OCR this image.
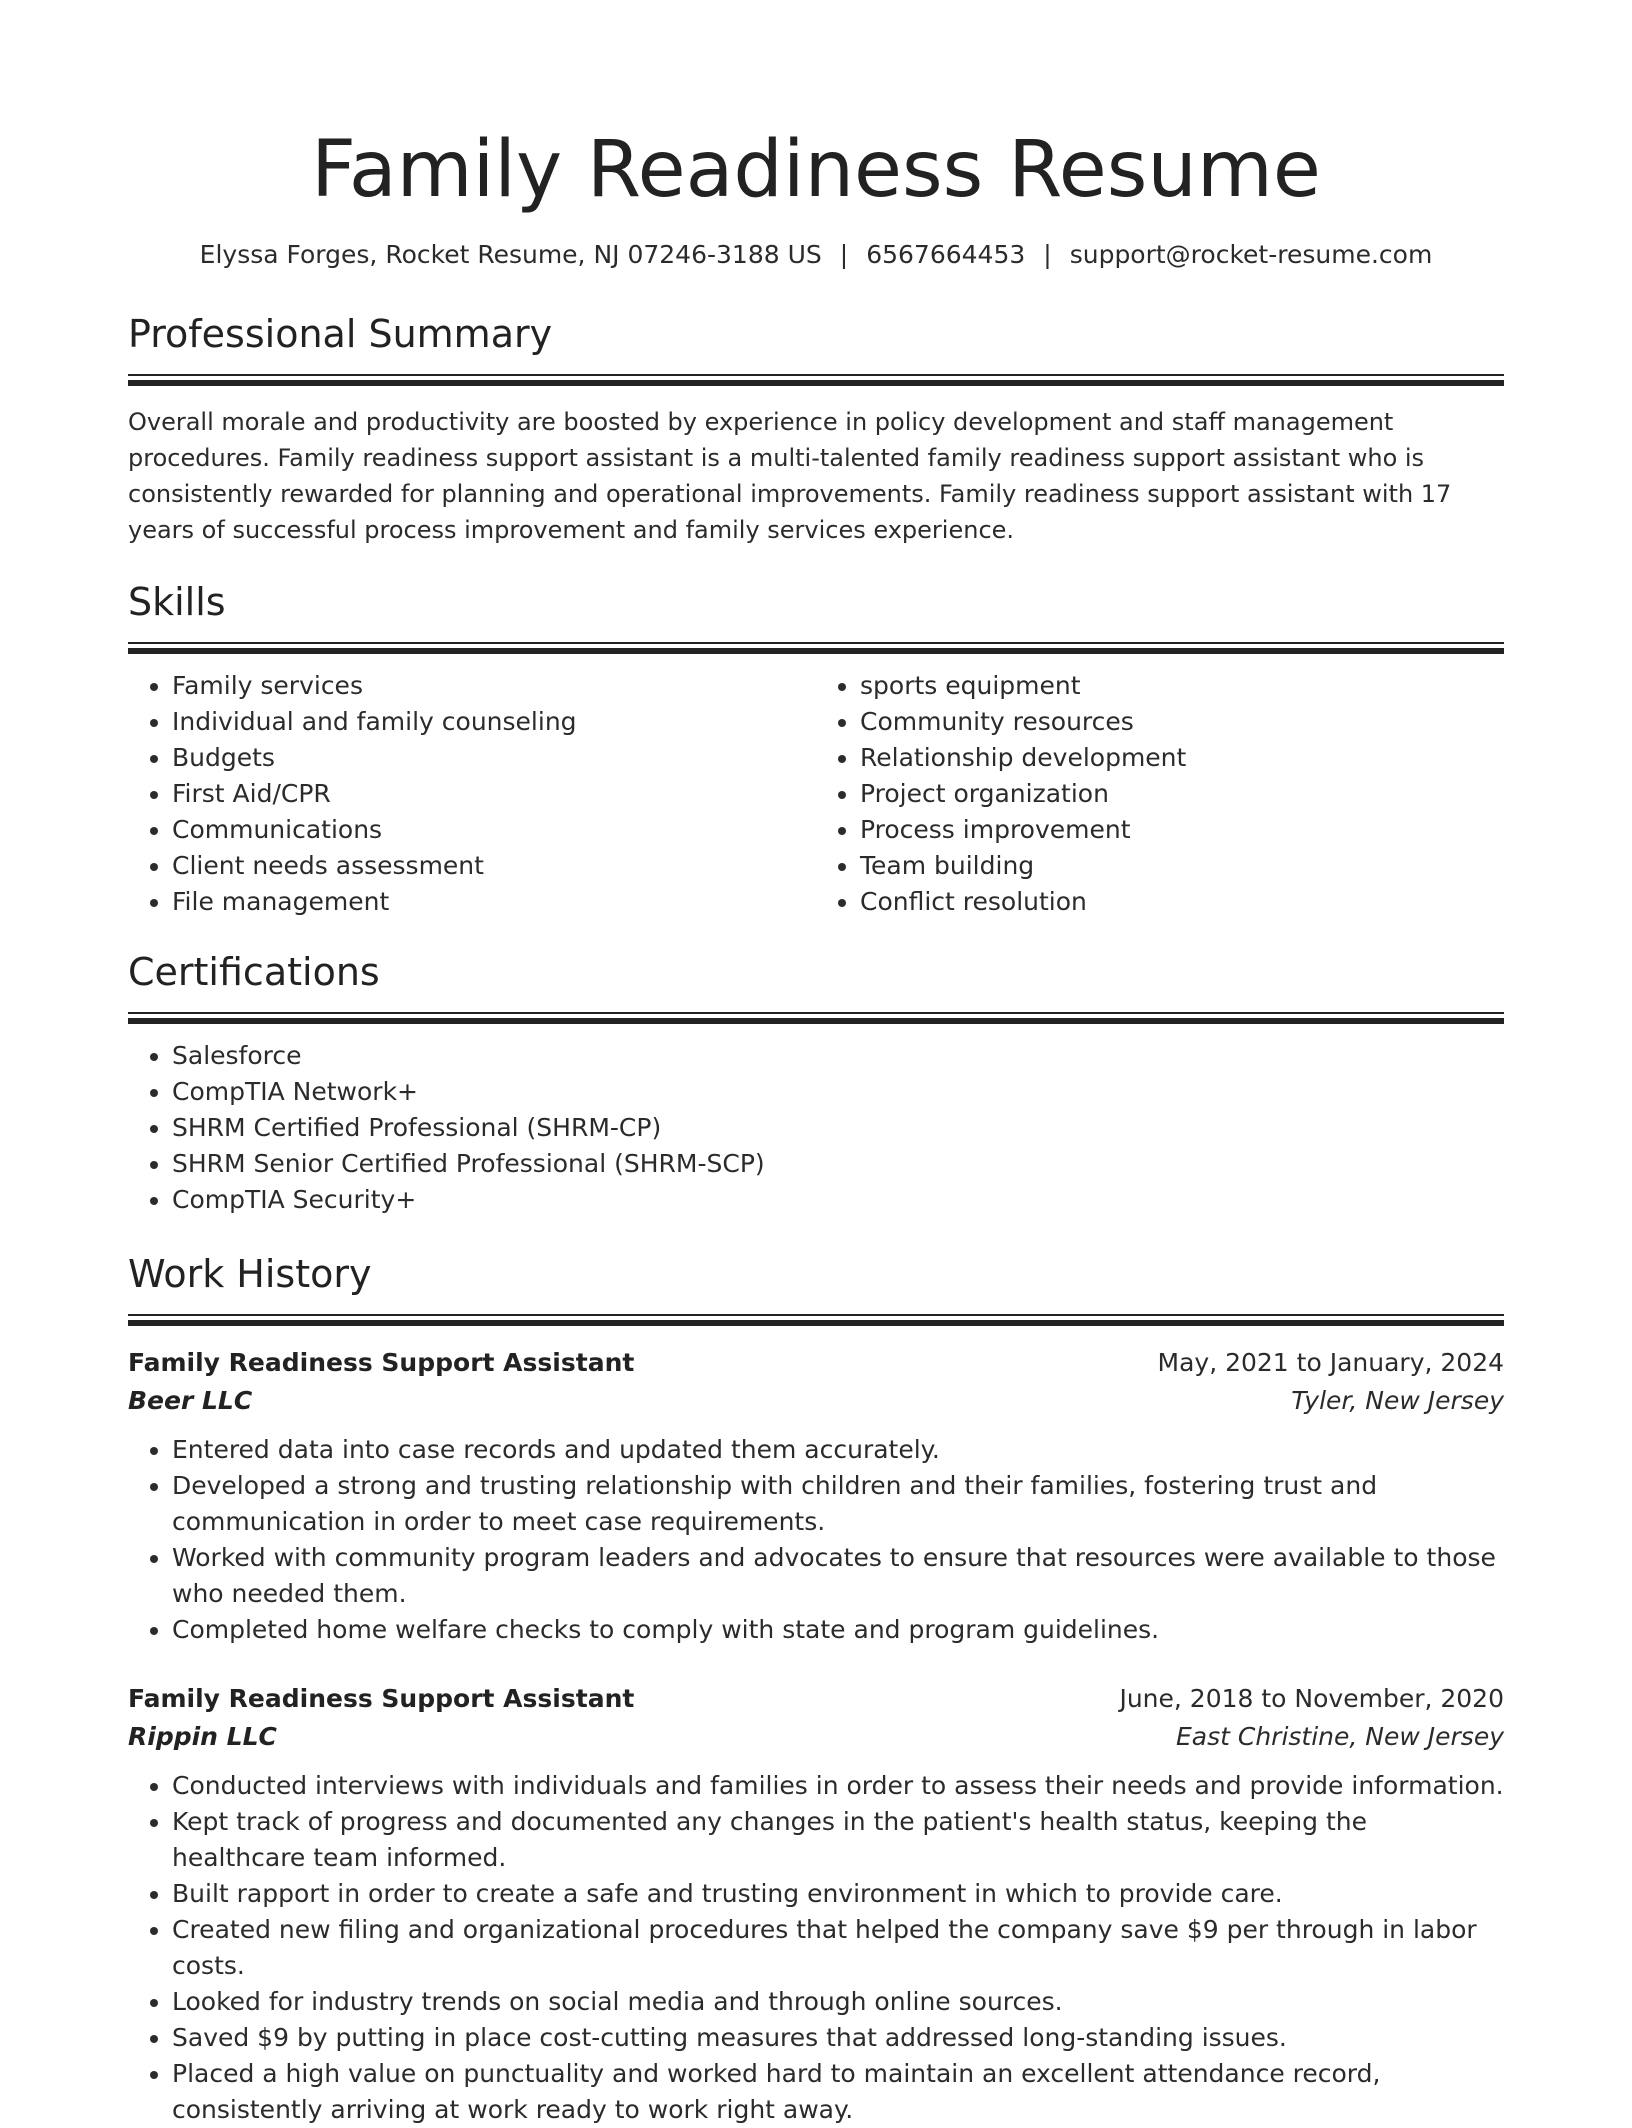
Family Readiness Resume
Elyssa Forges, Rocket Resume, NJ 07246-3188 US | 6567664453 | support@rocket-resume.com
Professional Summary

Overall morale and productivity are boosted by experience in policy development and staff management procedures. Family readiness support assistant is a multi-talented family readiness support assistant who is consistently rewarded for planning and operational improvements. Family readiness support assistant with 17 years of successful process improvement and family services experience.

Skills
• Family services
• Individual and family counseling
• Budgets
• First Aid/CPR
• Communications
• Client needs assessment
• File management
• sports equipment
• Community resources
• Relationship development
• Project organization
• Process improvement
• Team building
• Conflict resolution
Certifications
• Salesforce
• CompTIA Network+
• SHRM Certified Professional (SHRM-CP)
• SHRM Senior Certified Professional (SHRM-SCP)
• CompTIA Security+
Work History
Family Readiness Support Assistant	May, 2021 to January, 2024
Beer LLC	Tyler, New Jersey
• Entered data into case records and updated them accurately.
• Developed a strong and trusting relationship with children and their families, fostering trust and communication in order to meet case requirements.
• Worked with community program leaders and advocates to ensure that resources were available to those who needed them.
• Completed home welfare checks to comply with state and program guidelines.
Family Readiness Support Assistant	June, 2018 to November, 2020
Rippin LLC	East Christine, New Jersey
• Conducted interviews with individuals and families in order to assess their needs and provide information.
• Kept track of progress and documented any changes in the patient's health status, keeping the healthcare team informed.
• Built rapport in order to create a safe and trusting environment in which to provide care.
• Created new filing and organizational procedures that helped the company save $9 per through in labor costs.
• Looked for industry trends on social media and through online sources.
• Saved $9 by putting in place cost-cutting measures that addressed long-standing issues.
• Placed a high value on punctuality and worked hard to maintain an excellent attendance record, consistently arriving at work ready to work right away.
